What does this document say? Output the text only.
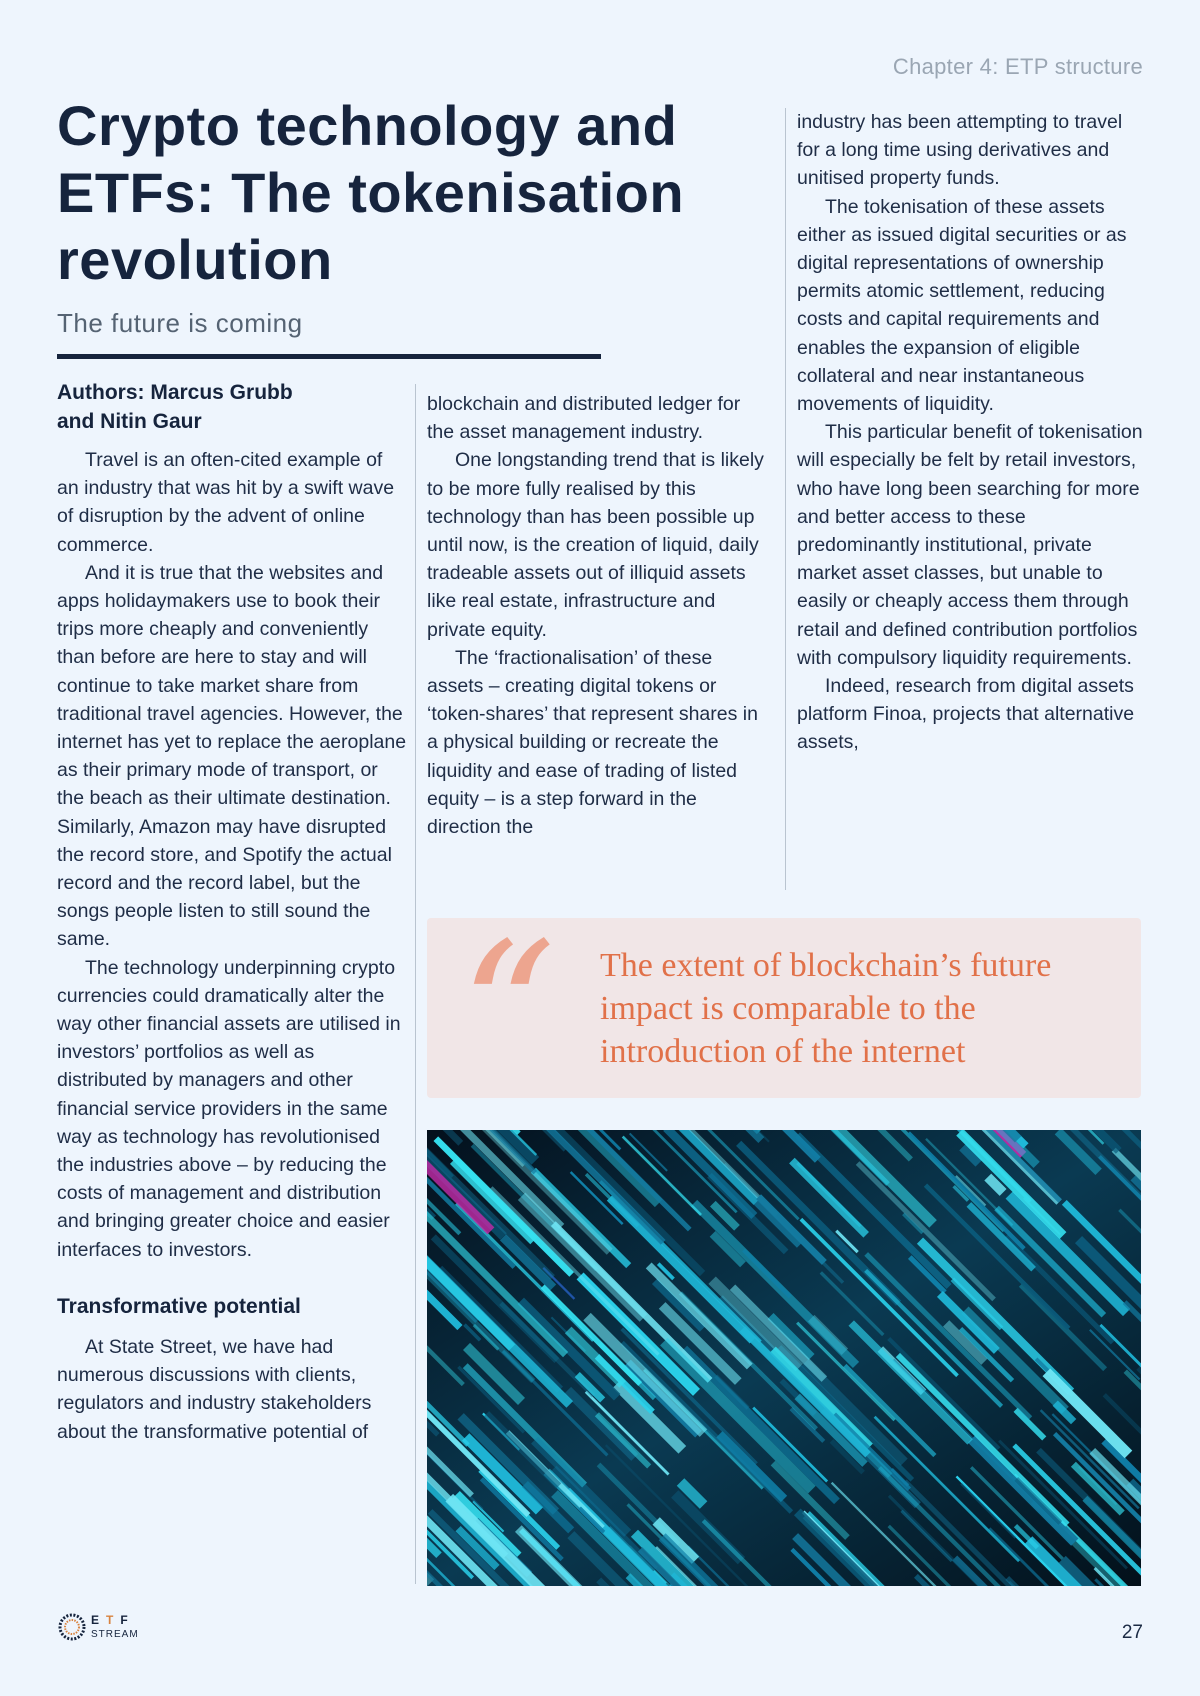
Chapter 4: ETP structure
Crypto technology and ETFs: The tokenisation revolution
The future is coming
Authors: Marcus Grubb
and Nitin Gaur

Travel is an often-cited example of an industry that was hit by a swift wave of disruption by the advent of online commerce.

And it is true that the websites and apps holidaymakers use to book their trips more cheaply and conveniently than before are here to stay and will continue to take market share from traditional travel agencies. However, the internet has yet to replace the aeroplane as their primary mode of transport, or the beach as their ultimate destination. Similarly, Amazon may have disrupted the record store, and Spotify the actual record and the record label, but the songs people listen to still sound the same.

The technology underpinning crypto currencies could dramatically alter the way other financial assets are utilised in investors’ portfolios as well as distributed by managers and other financial service providers in the same way as technology has revolutionised the industries above – by reducing the costs of management and distribution and bringing greater choice and easier interfaces to investors.

Transformative potential

At State Street, we have had numerous discussions with clients, regulators and industry stakeholders about the transformative potential of

blockchain and distributed ledger for the asset management industry.

One longstanding trend that is likely to be more fully realised by this technology than has been possible up until now, is the creation of liquid, daily tradeable assets out of illiquid assets like real estate, infrastructure and private equity.

The ‘fractionalisation’ of these assets – creating digital tokens or ‘token-shares’ that represent shares in a physical building or recreate the liquidity and ease of trading of listed equity – is a step forward in the direction the

industry has been attempting to travel for a long time using derivatives and unitised property funds.

The tokenisation of these assets either as issued digital securities or as digital representations of ownership permits atomic settlement, reducing costs and capital requirements and enables the expansion of eligible collateral and near instantaneous movements of liquidity.

This particular benefit of tokenisation will especially be felt by retail investors, who have long been searching for more and better access to these predominantly institutional, private market asset classes, but unable to easily or cheaply access them through retail and defined contribution portfolios with compulsory liquidity requirements.

Indeed, research from digital assets platform Finoa, projects that alternative assets,

“ The extent of blockchain’s future impact is comparable to the introduction of the internet
ETF
STREAM	27
